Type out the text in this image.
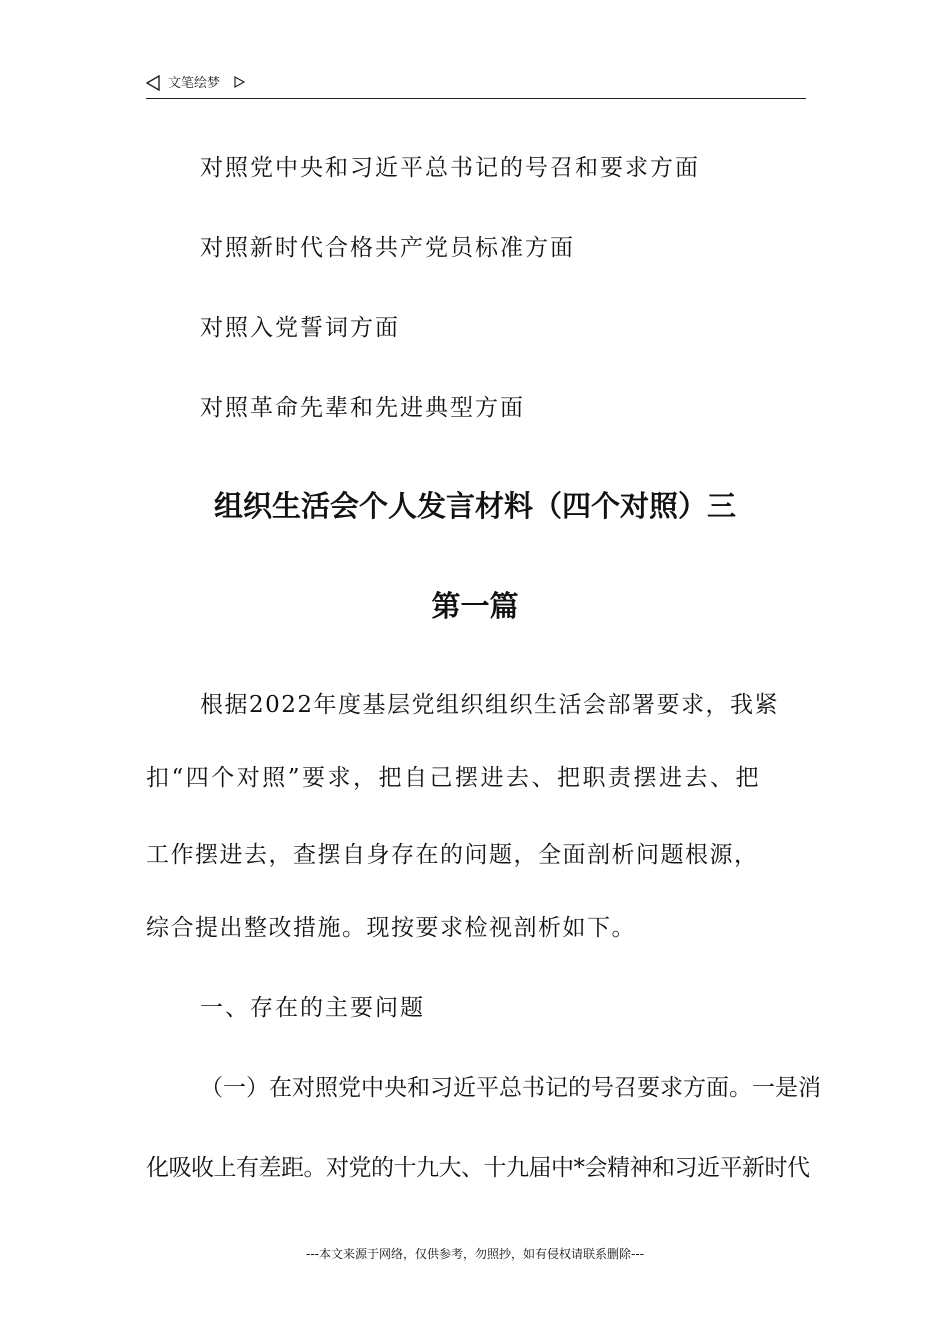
文笔绘梦
对照党中央和习近平总书记的号召和要求方面
对照新时代合格共产党员标准方面
对照入党誓词方面
对照革命先辈和先进典型方面
组织生活会个人发言材料（四个对照）三
第一篇
根据2022年度基层党组织组织生活会部署要求，我紧
扣“四个对照”要求，把自己摆进去、把职责摆进去、把
工作摆进去，查摆自身存在的问题，全面剖析问题根源，
综合提出整改措施。现按要求检视剖析如下。
一、存在的主要问题
（一）在对照党中央和习近平总书记的号召要求方面。一是消
化吸收上有差距。对党的十九大、十九届中*会精神和习近平新时代
---本文来源于网络，仅供参考，勿照抄，如有侵权请联系删除---
